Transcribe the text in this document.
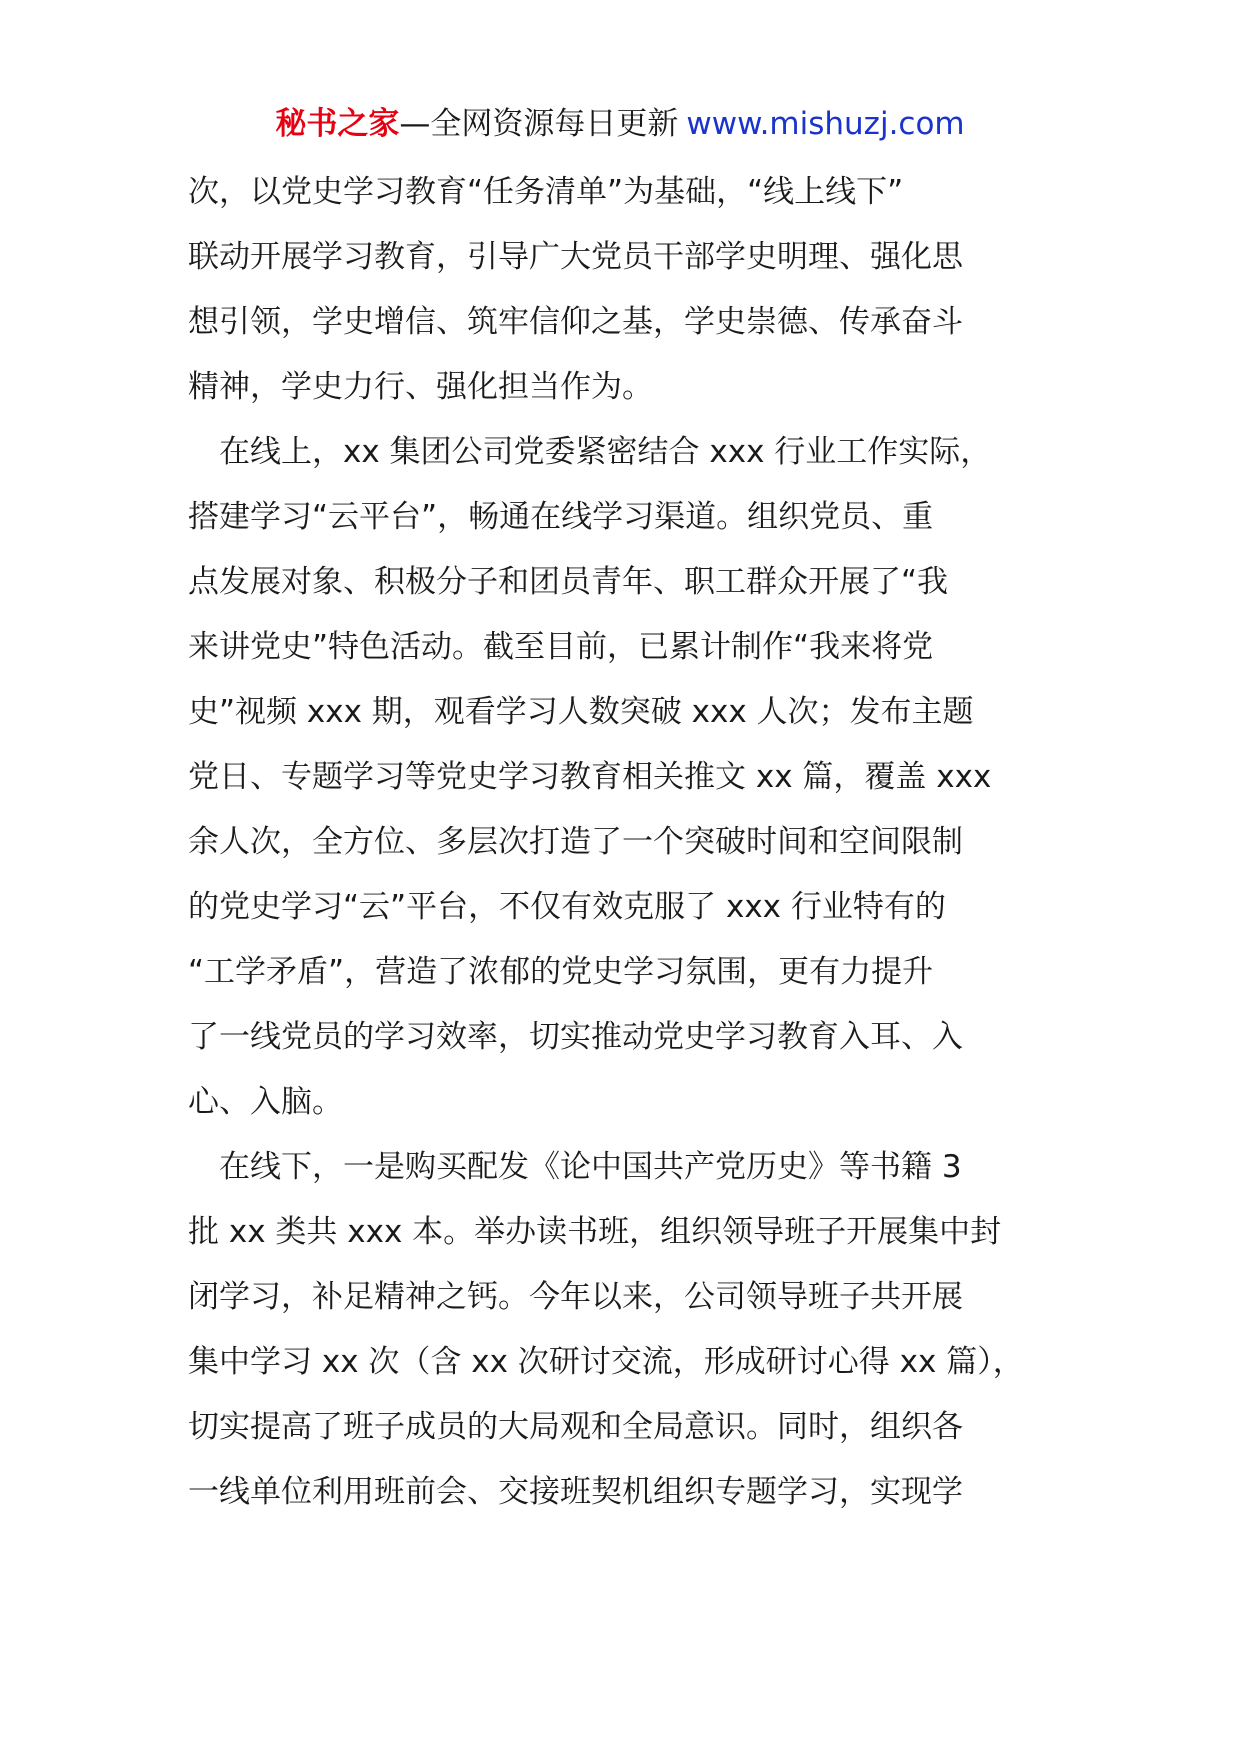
秘书之家—全网资源每日更新 www.mishuzj.com
次，以党史学习教育“任务清单”为基础，“线上线下”
联动开展学习教育，引导广大党员干部学史明理、强化思
想引领，学史增信、筑牢信仰之基，学史崇德、传承奋斗
精神，学史力行、强化担当作为。
　在线上，xx 集团公司党委紧密结合 xxx 行业工作实际，
搭建学习“云平台”，畅通在线学习渠道。组织党员、重
点发展对象、积极分子和团员青年、职工群众开展了“我
来讲党史”特色活动。截至目前，已累计制作“我来将党
史”视频 xxx 期，观看学习人数突破 xxx 人次；发布主题
党日、专题学习等党史学习教育相关推文 xx 篇，覆盖 xxx
余人次，全方位、多层次打造了一个突破时间和空间限制
的党史学习“云”平台，不仅有效克服了 xxx 行业特有的
“工学矛盾”，营造了浓郁的党史学习氛围，更有力提升
了一线党员的学习效率，切实推动党史学习教育入耳、入
心、入脑。
　在线下，一是购买配发《论中国共产党历史》等书籍 3
批 xx 类共 xxx 本。举办读书班，组织领导班子开展集中封
闭学习，补足精神之钙。今年以来，公司领导班子共开展
集中学习 xx 次（含 xx 次研讨交流，形成研讨心得 xx 篇），
切实提高了班子成员的大局观和全局意识。同时，组织各
一线单位利用班前会、交接班契机组织专题学习，实现学
